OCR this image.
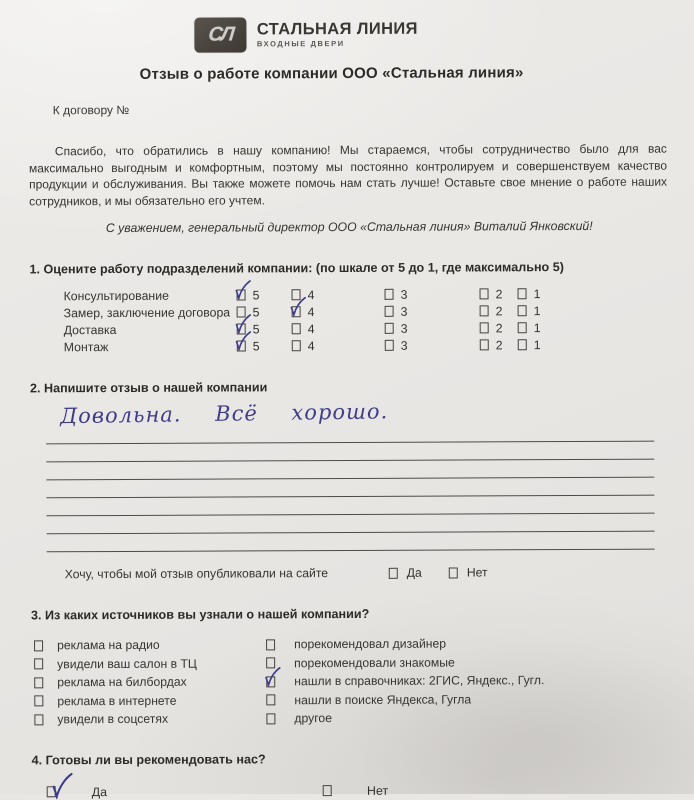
СЛ СТАЛЬНАЯ ЛИНИЯ
ВХОДНЫЕ ДВЕРИ
Отзыв о работе компании ООО «Стальная линия»
К договору №
Спасибо, что обратились в нашу компанию! Мы стараемся, чтобы сотрудничество было для вас максимально выгодным и комфортным, поэтому мы постоянно контролируем и совершенствуем качество продукции и обслуживания. Вы также можете помочь нам стать лучше! Оставьте свое мнение о работе наших сотрудников, и мы обязательно его учтем.
С уважением, генеральный директор ООО «Стальная линия» Виталий Янковский!
1. Оцените работу подразделений компании: (по шкале от 5 до 1, где максимально 5)
Консультирование	5	4	3	2	1
Замер, заключение договора	5	4	3	2	1
Доставка	5	4	3	2	1
Монтаж	5	4	3	2	1
2. Напишите отзыв о нашей компании
Довольна. Всё хорошо.
Хочу, чтобы мой отзыв опубликовали на сайте	Да	Нет
3. Из каких источников вы узнали о нашей компании?
реклама на радио	порекомендовал дизайнер
увидели ваш салон в ТЦ	порекомендовали знакомые
реклама на билбордах	нашли в справочниках: 2ГИС, Яндекс., Гугл.
реклама в интернете	нашли в поиске Яндекса, Гугла
увидели в соцсетях	другое
4. Готовы ли вы рекомендовать нас?
Да	Нет
